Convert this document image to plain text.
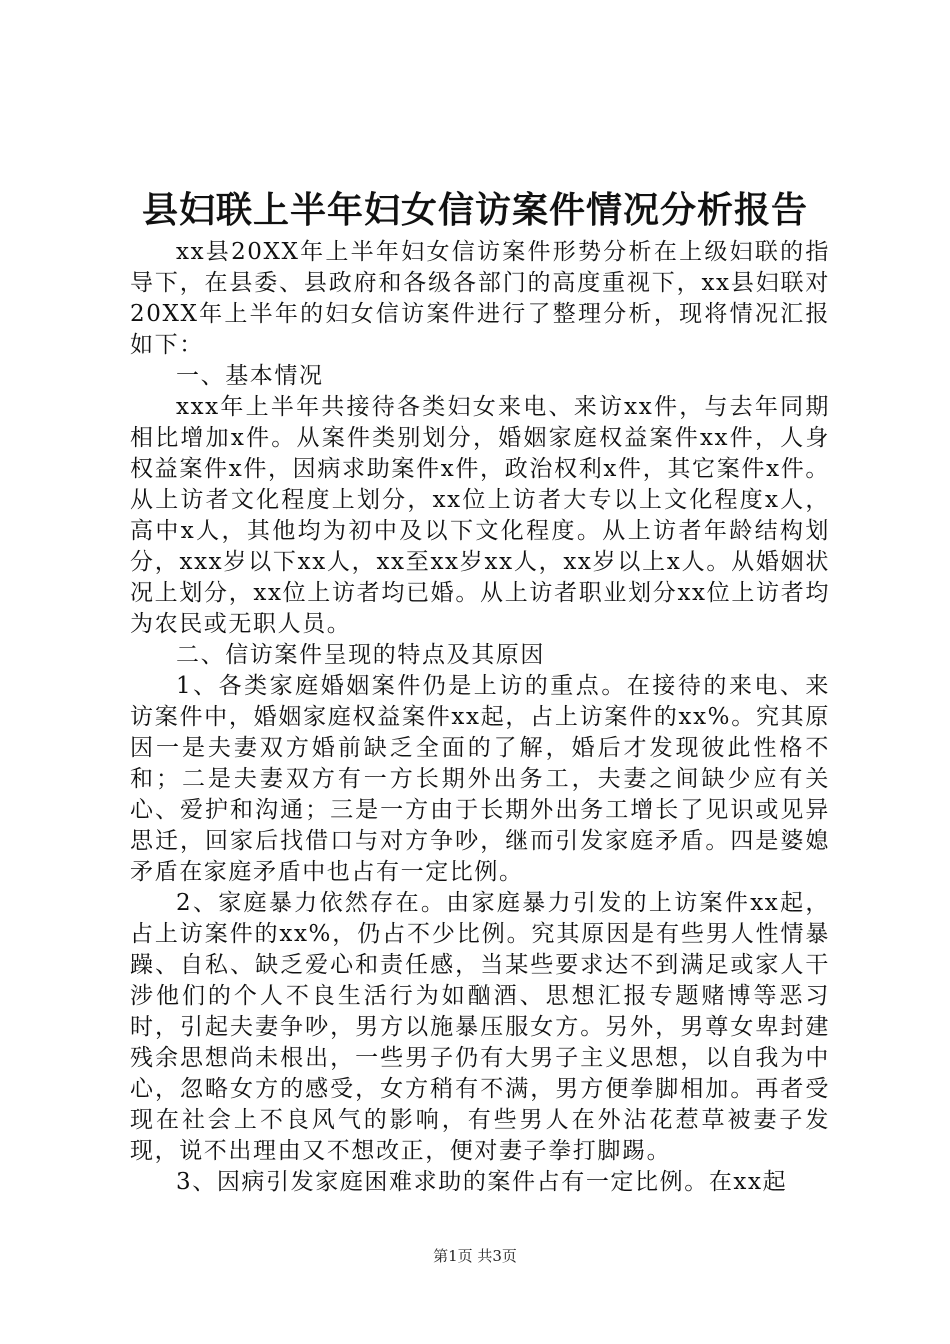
县妇联上半年妇女信访案件情况分析报告

xx县20XX年上半年妇女信访案件形势分析在上级妇联的指导下，在县委、县政府和各级各部门的高度重视下，xx县妇联对20XX年上半年的妇女信访案件进行了整理分析，现将情况汇报如下：

一、基本情况

xxx年上半年共接待各类妇女来电、来访xx件，与去年同期相比增加x件。从案件类别划分，婚姻家庭权益案件xx件，人身权益案件x件，因病求助案件x件，政治权利x件，其它案件x件。从上访者文化程度上划分，xx位上访者大专以上文化程度x人，高中x人，其他均为初中及以下文化程度。从上访者年龄结构划分，xxx岁以下xx人，xx至xx岁xx人，xx岁以上x人。从婚姻状况上划分，xx位上访者均已婚。从上访者职业划分xx位上访者均为农民或无职人员。

二、信访案件呈现的特点及其原因

1、各类家庭婚姻案件仍是上访的重点。在接待的来电、来访案件中，婚姻家庭权益案件xx起，占上访案件的xx%。究其原因一是夫妻双方婚前缺乏全面的了解，婚后才发现彼此性格不和；二是夫妻双方有一方长期外出务工，夫妻之间缺少应有关心、爱护和沟通；三是一方由于长期外出务工增长了见识或见异思迁，回家后找借口与对方争吵，继而引发家庭矛盾。四是婆媳矛盾在家庭矛盾中也占有一定比例。

2、家庭暴力依然存在。由家庭暴力引发的上访案件xx起，占上访案件的xx%，仍占不少比例。究其原因是有些男人性情暴躁、自私、缺乏爱心和责任感，当某些要求达不到满足或家人干涉他们的个人不良生活行为如酗酒、思想汇报专题赌博等恶习时，引起夫妻争吵，男方以施暴压服女方。另外，男尊女卑封建残余思想尚未根出，一些男子仍有大男子主义思想，以自我为中心，忽略女方的感受，女方稍有不满，男方便拳脚相加。再者受现在社会上不良风气的影响，有些男人在外沾花惹草被妻子发现，说不出理由又不想改正，便对妻子拳打脚踢。

3、因病引发家庭困难求助的案件占有一定比例。在xx起

第1页 共3页
